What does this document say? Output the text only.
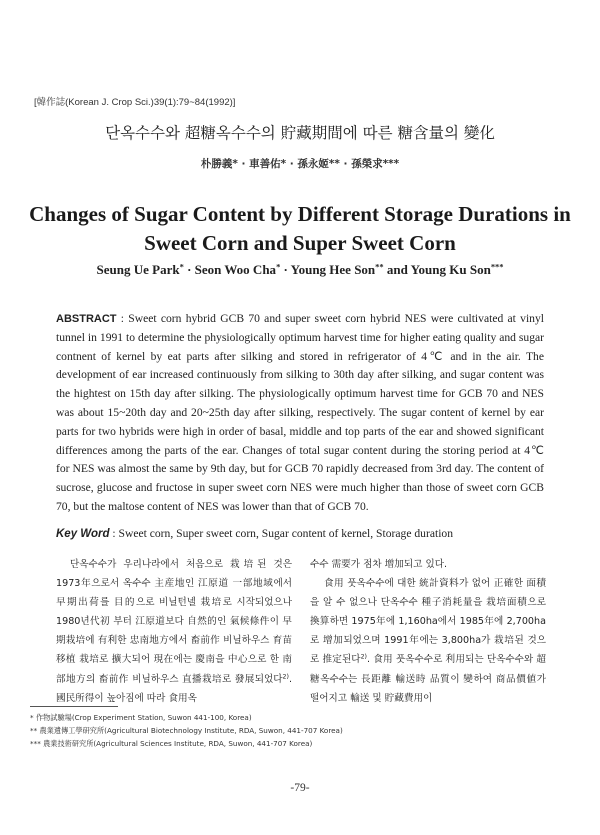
[韓作誌(Korean J. Crop Sci.)39(1):79~84(1992)]
단옥수수와 超糖옥수수의 貯藏期間에 따른 糖含量의 變化
朴勝義* · 車善佑* · 孫永姬** · 孫榮求***
Changes of Sugar Content by Different Storage Durations in
Sweet Corn and Super Sweet Corn
Seung Ue Park* · Seon Woo Cha* · Young Hee Son** and Young Ku Son***
ABSTRACT : Sweet corn hybrid GCB 70 and super sweet corn hybrid NES were cultivated at vinyl tunnel in 1991 to determine the physiologically optimum harvest time for higher eating quality and sugar contnent of kernel by eat parts after silking and stored in refrigerator of 4℃ and in the air. The development of ear increased continuously from silking to 30th day after silking, and sugar content was the hightest on 15th day after silking. The physiologically optimum harvest time for GCB 70 and NES was about 15~20th day and 20~25th day after silking, respectively. The sugar content of kernel by ear parts for two hybrids were high in order of basal, middle and top parts of the ear and showed significant differences among the parts of the ear. Changes of total sugar content during the storing period at 4℃ for NES was almost the same by 9th day, but for GCB 70 rapidly decreased from 3rd day. The content of sucrose, glucose and fructose in super sweet corn NES were much higher than those of sweet corn GCB 70, but the maltose content of NES was lower than that of GCB 70.
Key Word : Sweet corn, Super sweet corn, Sugar content of kernel, Storage duration
단옥수수가 우리나라에서 처음으로 栽培된 것은 1973年으로서 옥수수 主産地인 江原道 一部地域에서 早期出荷를 目的으로 비닐턴넬 栽培로 시작되었으나 1980년代初 부터 江原道보다 自然的인 氣候條件이 早期栽培에 有利한 忠南地方에서 畜前作 비닐하우스 育苗移植 栽培로 擴大되어 現在에는 慶南을 中心으로 한 南部地方의 畜前作 비닐하우스 直播栽培로 發展되었다$^{2)}$. 國民所得이 높아짐에 따라 食用옥
수수 需要가 점차 增加되고 있다.
食用 풋옥수수에 대한 統計資料가 없어 正確한 面積을 알 수 없으나 단옥수수 種子消耗量을 栽培面積으로 換算하면 1975年에 1,160ha에서 1985年에 2,700ha로 增加되었으며 1991年에는 3,800ha가 栽培된 것으로 推定된다$^{2)}$. 食用 풋옥수수로 利用되는 단옥수수와 超糖옥수수는 長距離 輸送時 品質이 變하여 商品價値가 떨어지고 輸送 및 貯藏費用이
* 作物試驗場(Crop Experiment Station, Suwon 441-100, Korea)
** 農業遺傳工學研究所(Agricultural Biotechnology Institute, RDA, Suwon, 441-707 Korea)
*** 農業技術研究所(Agricultural Sciences Institute, RDA, Suwon, 441-707 Korea)
-79-
